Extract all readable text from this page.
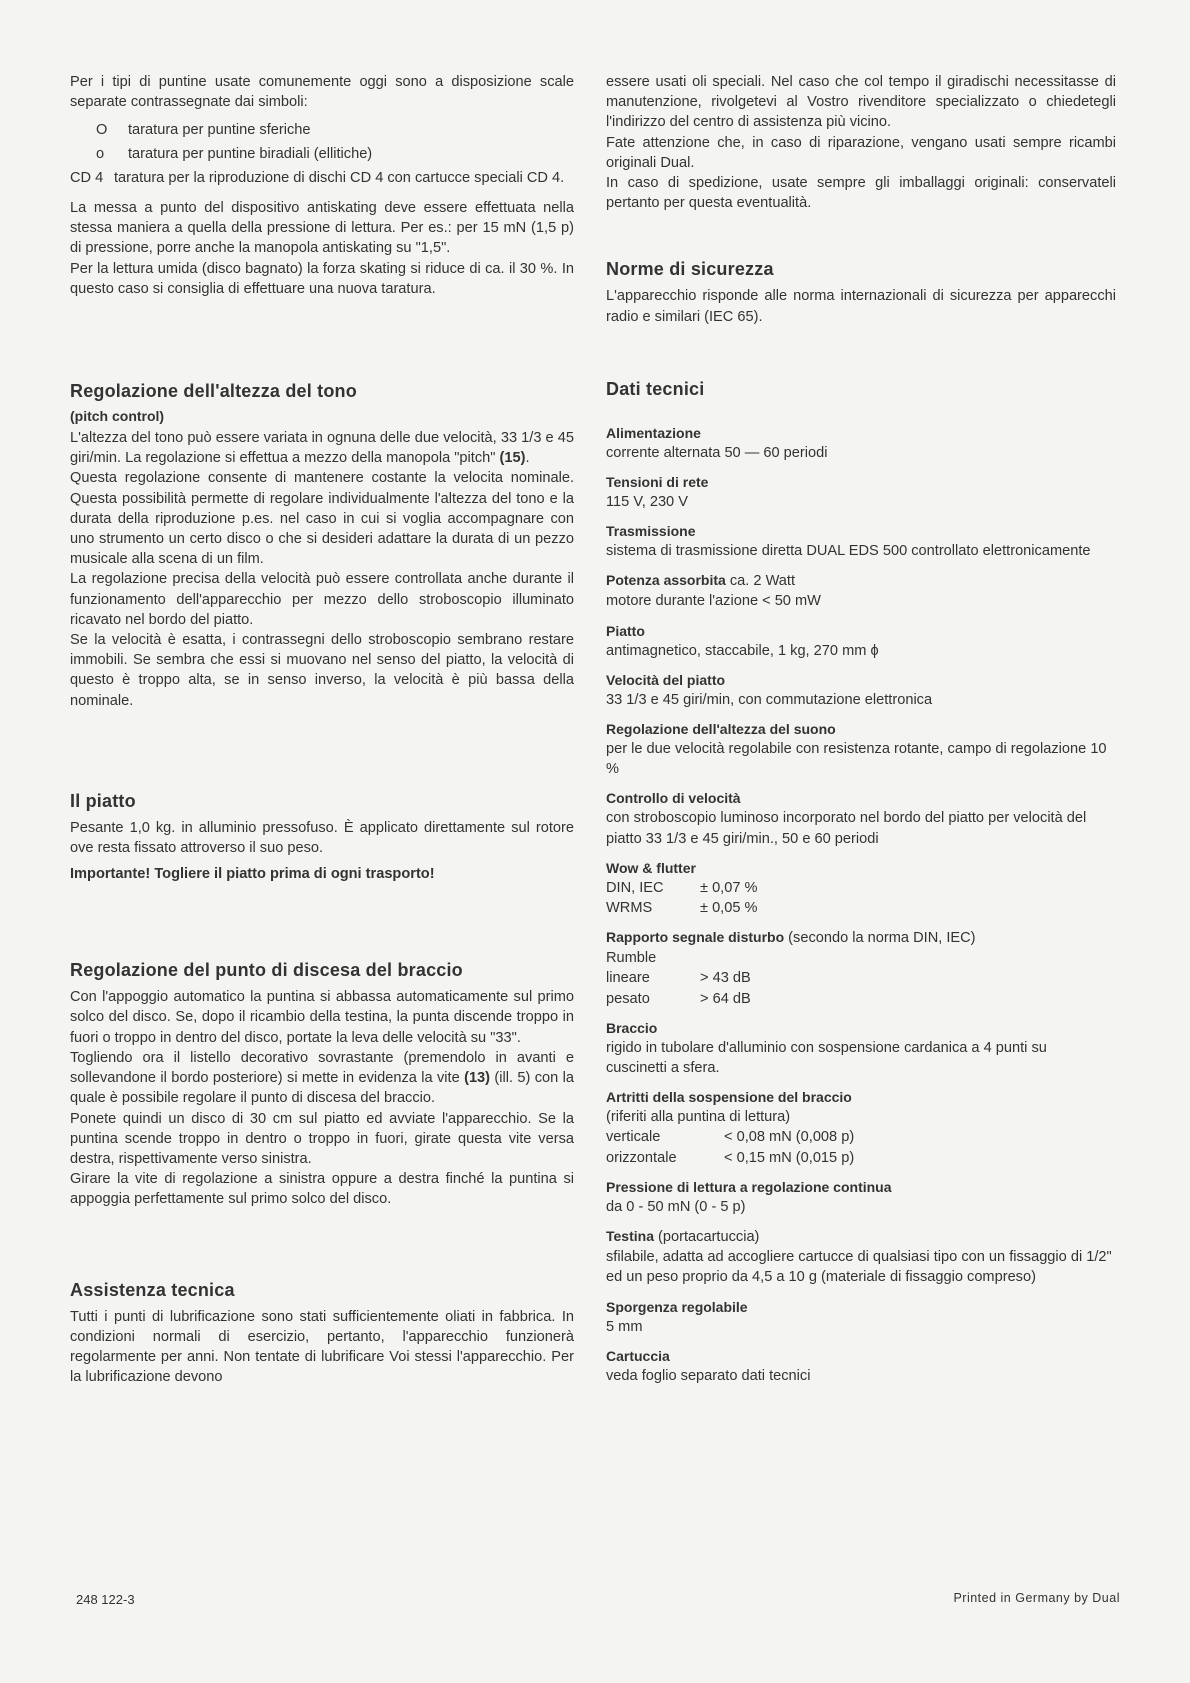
Per i tipi di puntine usate comunemente oggi sono a disposizione scale separate contrassegnate dai simboli:

O	taratura per puntine sferiche
o	taratura per puntine biradiali (ellitiche)
CD 4 taratura per la riproduzione di dischi CD 4 con cartucce speciali CD 4.

La messa a punto del dispositivo antiskating deve essere effettuata nella stessa maniera a quella della pressione di lettura. Per es.: per 15 mN (1,5 p) di pressione, porre anche la manopola antiskating su "1,5".

Per la lettura umida (disco bagnato) la forza skating si riduce di ca. il 30 %. In questo caso si consiglia di effettuare una nuova taratura.

Regolazione dell'altezza del tono
(pitch control)

L'altezza del tono può essere variata in ognuna delle due velocità, 33 1/3 e 45 giri/min. La regolazione si effettua a mezzo della manopola "pitch" (15).

Questa regolazione consente di mantenere costante la velocita nominale. Questa possibilità permette di regolare individualmente l'altezza del tono e la durata della riproduzione p.es. nel caso in cui si voglia accompagnare con uno strumento un certo disco o che si desideri adattare la durata di un pezzo musicale alla scena di un film.

La regolazione precisa della velocità può essere controllata anche durante il funzionamento dell'apparecchio per mezzo dello stroboscopio illuminato ricavato nel bordo del piatto.

Se la velocità è esatta, i contrassegni dello stroboscopio sembrano restare immobili. Se sembra che essi si muovano nel senso del piatto, la velocità di questo è troppo alta, se in senso inverso, la velocità è più bassa della nominale.

Il piatto

Pesante 1,0 kg. in alluminio pressofuso. È applicato direttamente sul rotore ove resta fissato attroverso il suo peso.

Importante! Togliere il piatto prima di ogni trasporto!
Regolazione del punto di discesa del braccio

Con l'appoggio automatico la puntina si abbassa automaticamente sul primo solco del disco. Se, dopo il ricambio della testina, la punta discende troppo in fuori o troppo in dentro del disco, portate la leva delle velocità su "33".

Togliendo ora il listello decorativo sovrastante (premendolo in avanti e sollevandone il bordo posteriore) si mette in evidenza la vite (13) (ill. 5) con la quale è possibile regolare il punto di discesa del braccio.

Ponete quindi un disco di 30 cm sul piatto ed avviate l'apparecchio. Se la puntina scende troppo in dentro o troppo in fuori, girate questa vite versa destra, rispettivamente verso sinistra.

Girare la vite di regolazione a sinistra oppure a destra finché la puntina si appoggia perfettamente sul primo solco del disco.

Assistenza tecnica

Tutti i punti di lubrificazione sono stati sufficientemente oliati in fabbrica. In condizioni normali di esercizio, pertanto, l'apparecchio funzionerà regolarmente per anni. Non tentate di lubrificare Voi stessi l'apparecchio. Per la lubrificazione devono

essere usati oli speciali. Nel caso che col tempo il giradischi necessitasse di manutenzione, rivolgetevi al Vostro rivenditore specializzato o chiedetegli l'indirizzo del centro di assistenza più vicino.

Fate attenzione che, in caso di riparazione, vengano usati sempre ricambi originali Dual.

In caso di spedizione, usate sempre gli imballaggi originali: conservateli pertanto per questa eventualità.

Norme di sicurezza

L'apparecchio risponde alle norma internazionali di sicurezza per apparecchi radio e similari (IEC 65).

Dati tecnici
Alimentazione
corrente alternata 50 — 60 periodi
Tensioni di rete
115 V, 230 V
Trasmissione
sistema di trasmissione diretta DUAL EDS 500 controllato elettronicamente
Potenza assorbita ca. 2 Watt
motore durante l'azione < 50 mW
Piatto
antimagnetico, staccabile, 1 kg, 270 mm ϕ
Velocità del piatto
33 1/3 e 45 giri/min, con commutazione elettronica
Regolazione dell'altezza del suono
per le due velocità regolabile con resistenza rotante, campo di regolazione 10 %
Controllo di velocità
con stroboscopio luminoso incorporato nel bordo del piatto per velocità del piatto 33 1/3 e 45 giri/min., 50 e 60 periodi
Wow & flutter
DIN, IEC	± 0,07 %
WRMS	± 0,05 %
Rapporto segnale disturbo (secondo la norma DIN, IEC)
Rumble
lineare	> 43 dB
pesato	> 64 dB
Braccio
rigido in tubolare d'alluminio con sospensione cardanica a 4 punti su cuscinetti a sfera.
Artritti della sospensione del braccio
(riferiti alla puntina di lettura)
verticale	< 0,08 mN (0,008 p)
orizzontale	< 0,15 mN (0,015 p)
Pressione di lettura a regolazione continua
da 0 - 50 mN (0 - 5 p)
Testina (portacartuccia)
sfilabile, adatta ad accogliere cartucce di qualsiasi tipo con un fissaggio di 1/2" ed un peso proprio da 4,5 a 10 g (materiale di fissaggio compreso)
Sporgenza regolabile
5 mm
Cartuccia
veda foglio separato dati tecnici
248 122-3	Printed in Germany by Dual
